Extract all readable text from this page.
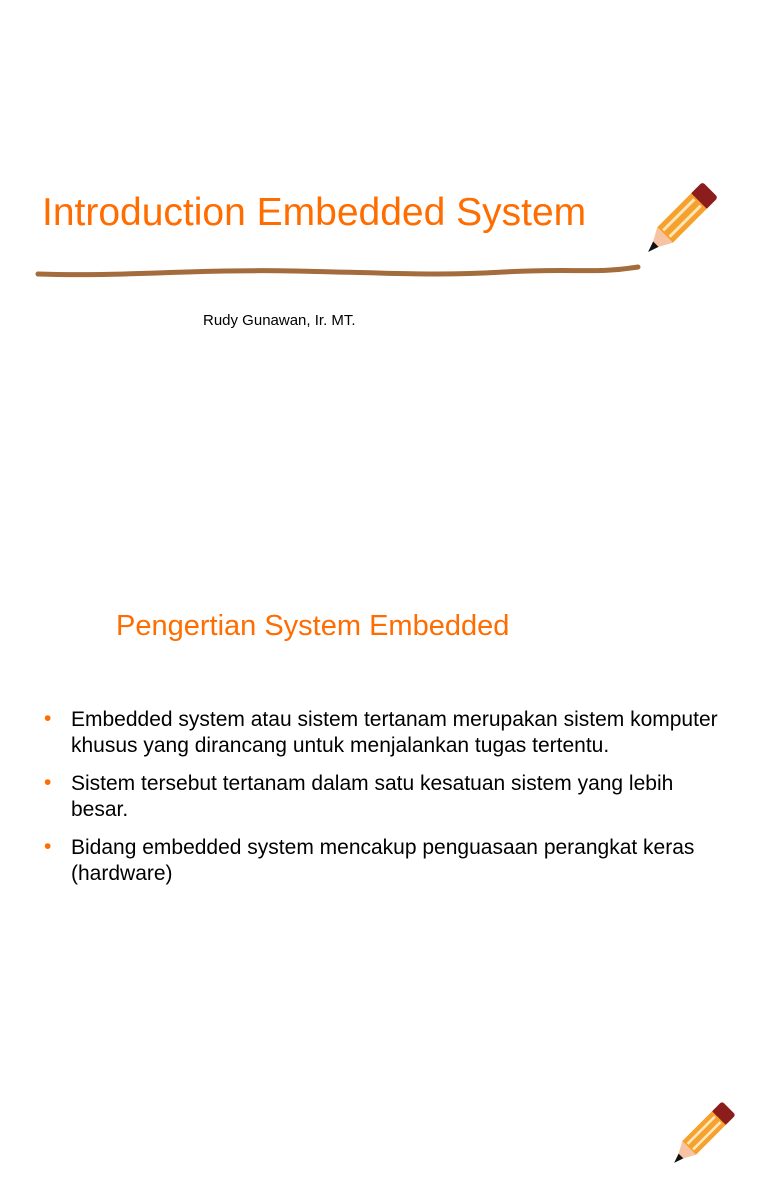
Introduction Embedded System
Rudy Gunawan, Ir. MT.
Pengertian System Embedded
• Embedded system atau sistem tertanam merupakan sistem komputer khusus yang dirancang untuk menjalankan tugas tertentu.
• Sistem tersebut tertanam dalam satu kesatuan sistem yang lebih besar.
• Bidang embedded system mencakup penguasaan perangkat keras (hardware)
